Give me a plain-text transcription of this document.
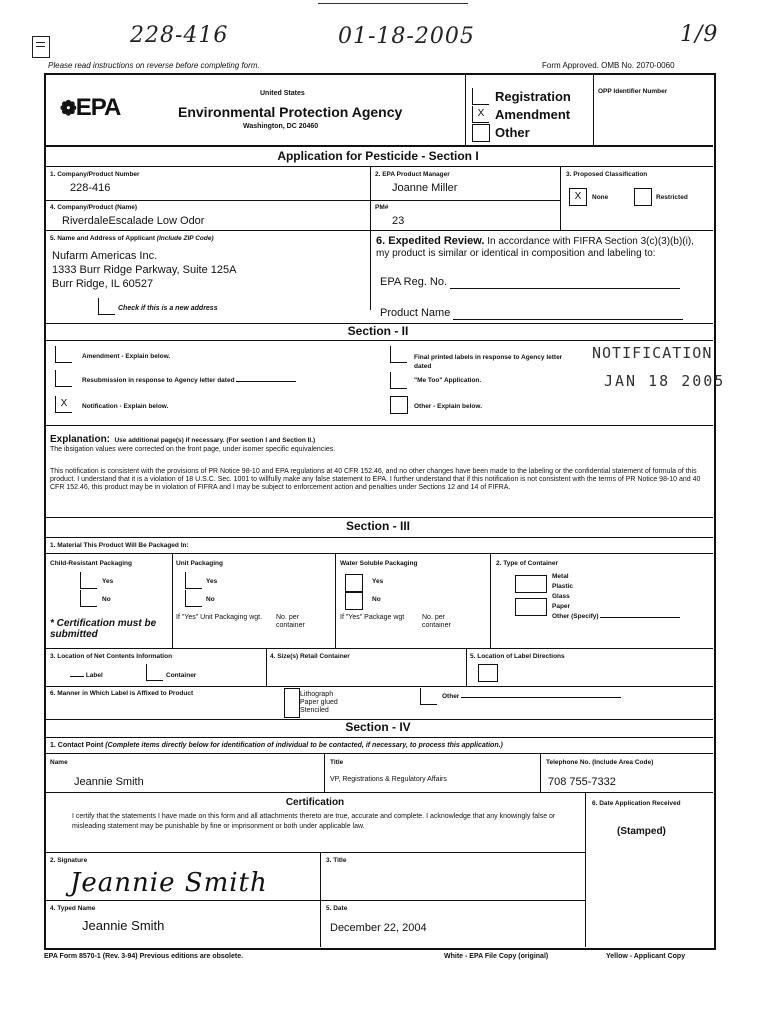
228-416	01-18-2005	1/9
Please read instructions on reverse before completing form.	Form Approved. OMB No. 2070-0060
❁EPA
United States
Environmental Protection Agency
Washington, DC 20460
Registration
X Amendment
Other
OPP Identifier Number
Application for Pesticide - Section I
1. Company/Product Number
228-416
2. EPA Product Manager
Joanne Miller
3. Proposed Classification
X	None	Restricted
4. Company/Product (Name)
RiverdaleEscalade Low Odor
PM#
23
5. Name and Address of Applicant (Include ZIP Code)
Nufarm Americas Inc.
1333 Burr Ridge Parkway, Suite 125A
Burr Ridge, IL 60527
Check if this is a new address
6. Expedited Review. In accordance with FIFRA Section 3(c)(3)(b)(i), my product is similar or identical in composition and labeling to:
EPA Reg. No.
Product Name
Section - II
Amendment - Explain below.
Resubmission in response to Agency letter dated
X	Notification - Explain below.
Final printed labels in response to Agency letter dated
"Me Too" Application.
Other - Explain below.
NOTIFICATION
JAN 18 2005
Explanation: Use additional page(s) if necessary. (For section I and Section II.)
The ibsigation values were corrected on the front page, under isomer specific equivalencies.
This notification is consistent with the provisions of PR Notice 98-10 and EPA regulations at 40 CFR 152.46, and no other changes have been made to the labeling or the confidential statement of formula of this product. I understand that it is a violation of 18 U.S.C. Sec. 1001 to willfully make any false statement to EPA. I further understand that if this notification is not consistent with the terms of PR Notice 98-10 and 40 CFR 152.46, this product may be in violation of FIFRA and I may be subject to enforcement action and penalties under Sections 12 and 14 of FIFRA.
Section - III
1. Material This Product Will Be Packaged In:
Child-Resistant Packaging
Yes
No
* Certification must be submitted
Unit Packaging
Yes
No
If "Yes" Unit Packaging wgt.	No. per container
Water Soluble Packaging
Yes
No
If "Yes" Package wgt	No. per container
2. Type of Container
Metal
Plastic
Glass
Paper
Other (Specify)
3. Location of Net Contents Information
Label	Container
4. Size(s) Retail Container	5. Location of Label Directions
6. Manner in Which Label is Affixed to Product	Lithograph
Paper glued
Stenciled
Other
Section - IV
1. Contact Point (Complete items directly below for identification of individual to be contacted, if necessary, to process this application.)
Name
Jeannie Smith
Title
VP, Registrations & Regulatory Affairs
Telephone No. (Include Area Code)
708 755-7332
Certification
I certify that the statements I have made on this form and all attachments thereto are true, accurate and complete. I acknowledge that any knowingly false or misleading statement may be punishable by fine or imprisonment or both under applicable law.
6. Date Application Received
(Stamped)
2. Signature
Jeannie Smith
3. Title
4. Typed Name
Jeannie Smith
5. Date
December 22, 2004
EPA Form 8570-1 (Rev. 3-94) Previous editions are obsolete.	White - EPA File Copy (original)	Yellow - Applicant Copy
